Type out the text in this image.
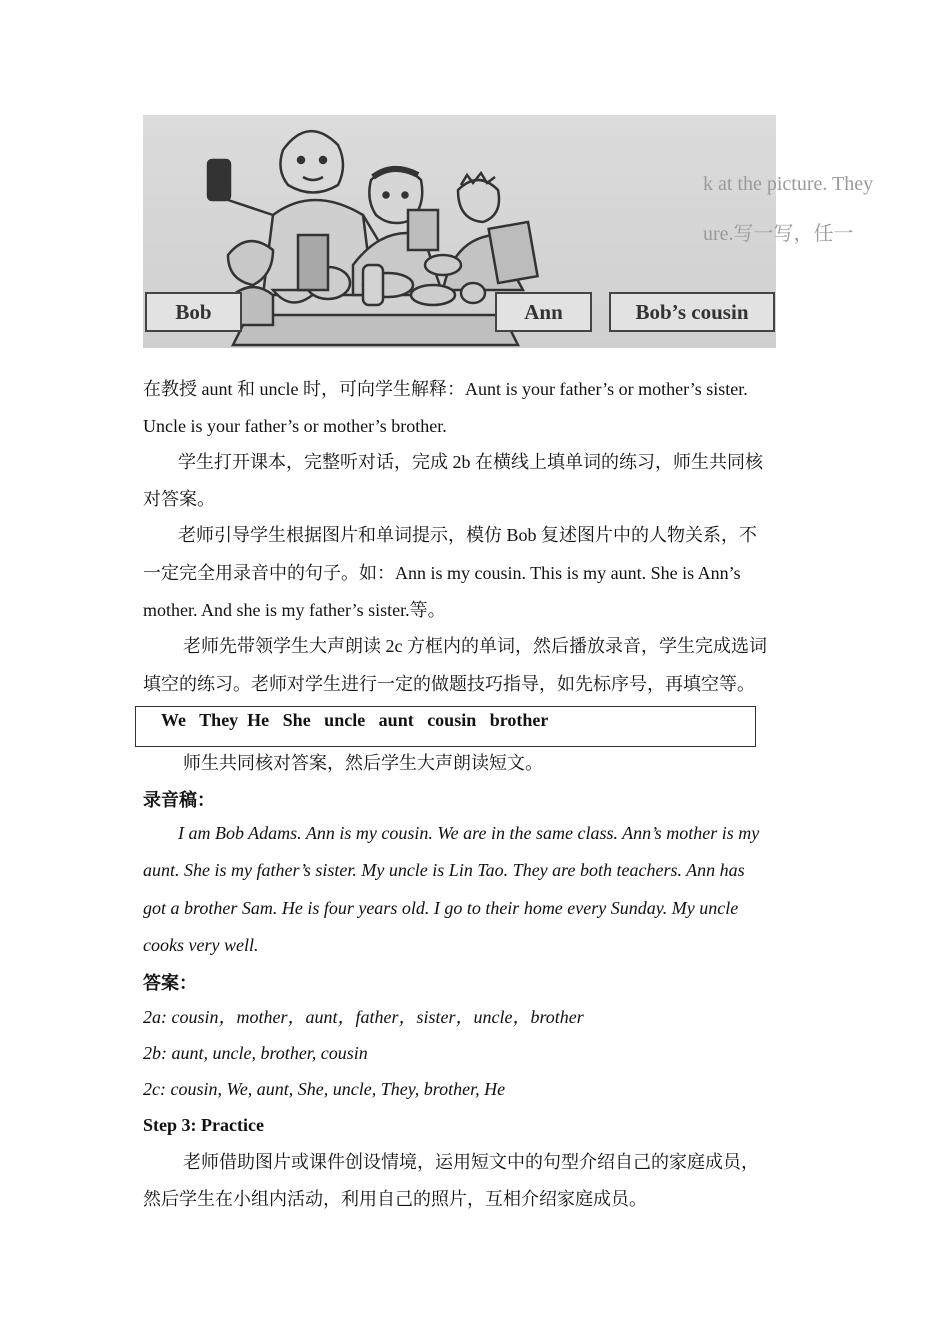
k at the picture. They
ure.写一写，任一
Bob	Ann	Bob’s cousin
在教授 aunt 和 uncle 时，可向学生解释：Aunt is your father’s or mother’s sister.
Uncle is your father’s or mother’s brother.
学生打开课本，完整听对话，完成 2b 在横线上填单词的练习，师生共同核
对答案。
老师引导学生根据图片和单词提示，模仿 Bob 复述图片中的人物关系，不
一定完全用录音中的句子。如：Ann is my cousin. This is my aunt. She is Ann’s
mother. And she is my father’s sister.等。
老师先带领学生大声朗读 2c 方框内的单词，然后播放录音，学生完成选词
填空的练习。老师对学生进行一定的做题技巧指导，如先标序号，再填空等。
We   They  He   She   uncle   aunt   cousin   brother
师生共同核对答案，然后学生大声朗读短文。
录音稿：
I am Bob Adams. Ann is my cousin. We are in the same class. Ann’s mother is my
aunt. She is my father’s sister. My uncle is Lin Tao. They are both teachers. Ann has
got a brother Sam. He is four years old. I go to their home every Sunday. My uncle
cooks very well.
答案：
2a: cousin，mother，aunt，father，sister，uncle，brother
2b: aunt, uncle, brother, cousin
2c: cousin, We, aunt, She, uncle, They, brother, He
Step 3: Practice
老师借助图片或课件创设情境，运用短文中的句型介绍自己的家庭成员，
然后学生在小组内活动，利用自己的照片，互相介绍家庭成员。
